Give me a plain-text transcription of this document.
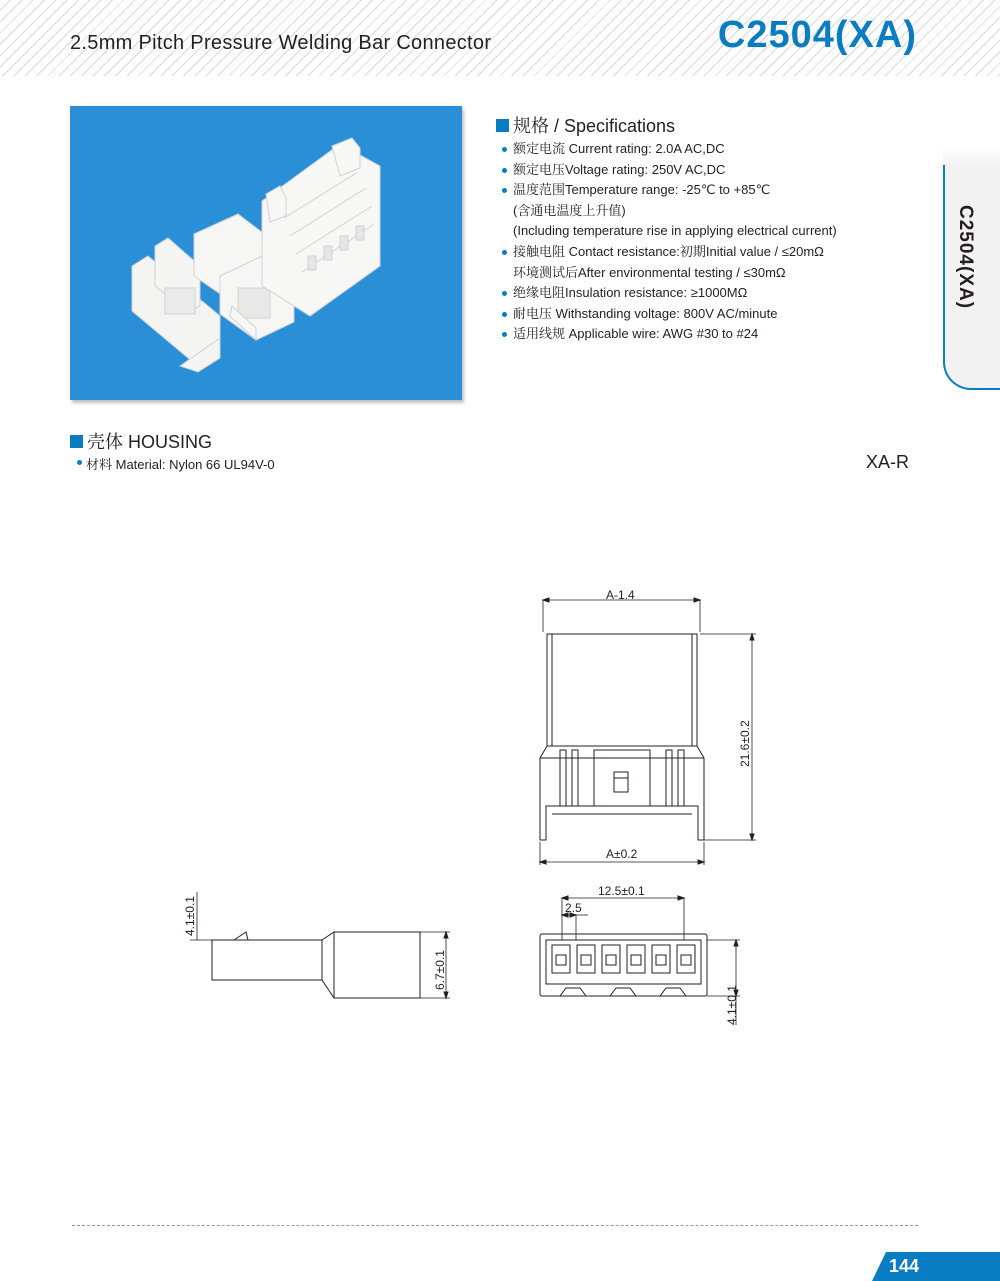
2.5mm Pitch Pressure Welding Bar Connector	C2504(XA)
规格 / Specifications
额定电流 Current rating: 2.0A AC,DC
额定电压Voltage rating: 250V AC,DC
温度范围Temperature range: -25℃ to +85℃
(含通电温度上升值)
(Including temperature rise in applying electrical current)
接触电阻 Contact resistance:初期Initial value / ≤20mΩ
环境测试后After environmental testing / ≤30mΩ
绝缘电阻Insulation resistance: ≥1000MΩ
耐电压 Withstanding voltage: 800V AC/minute
适用线规 Applicable wire: AWG #30 to #24
C2504(XA)
壳体 HOUSING
材料 Material: Nylon 66 UL94V-0	XA-R
A-1.4
A±0.2
21.6±0.2
4.1±0.1
6.7±0.1
12.5±0.1
2.5
4.1±0.1
144
